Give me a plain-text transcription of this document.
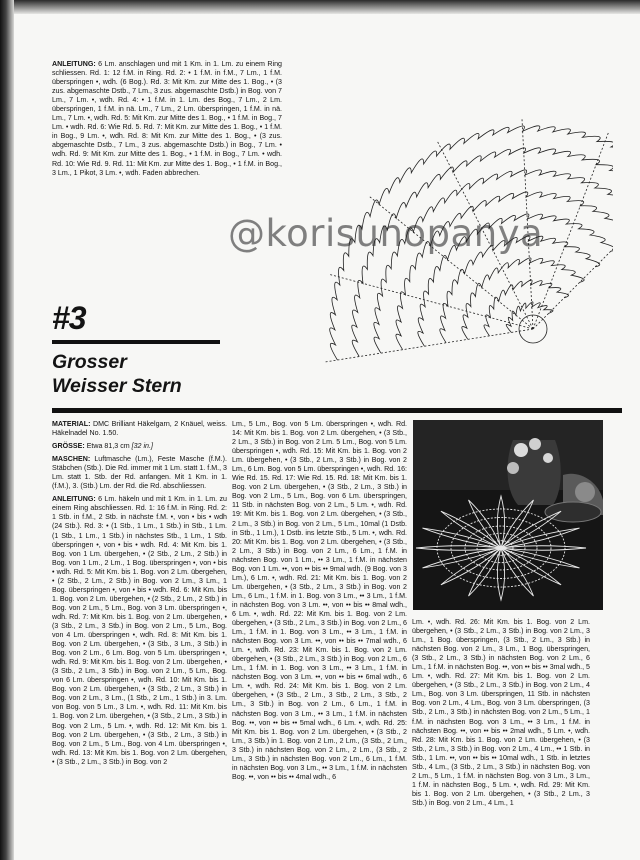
ANLEITUNG: 6 Lm. anschlagen und mit 1 Km. in 1. Lm. zu einem Ring schliessen. Rd. 1: 12 f.M. in Ring. Rd. 2: • 1 f.M. in f.M., 7 Lm., 1 f.M. überspringen •, wdh. (6 Bog.). Rd. 3: Mit Km. zur Mitte des 1. Bog., • (3 zus. abgemaschte Dstb., 7 Lm., 3 zus. abgemaschte Dstb.) in Bog. von 7 Lm., 7 Lm. •, wdh. Rd. 4: • 1 f.M. in 1. Lm. des Bog., 7 Lm., 2 Lm. überspringen, 1 f.M. in nä. Lm., 7 Lm., 2 Lm. überspringen, 1 f.M. in nä. Lm., 7 Lm. •, wdh. Rd. 5: Mit Km. zur Mitte des 1. Bog., • 1 f.M. in Bog., 7 Lm. • wdh. Rd. 6: Wie Rd. 5. Rd. 7: Mit Km. zur Mitte des 1. Bog., • 1 f.M. in Bog., 9 Lm. •, wdh. Rd. 8: Mit Km. zur Mitte des 1. Bog., • (3 zus. abgemaschte Dstb., 7 Lm., 3 zus. abgemaschte Dstb.) in Bog., 7 Lm. • wdh. Rd. 9: Mit Km. zur Mitte des 1. Bog., • 1 f.M. in Bog., 7 Lm. • wdh. Rd. 10: Wie Rd. 9. Rd. 11: Mit Km. zur Mitte des 1. Bog., • 1 f.M. in Bog., 3 Lm., 1 Pikot, 3 Lm. •, wdh. Faden abbrechen.
@korisunopanya
#3
Grosser
Weisser Stern

MATERIAL: DMC Brilliant Häkelgarn, 2 Knäuel, weiss. Häkelnadel No. 1.50.

GRÖSSE: Etwa 81,3 cm [32 in.]

MASCHEN: Luftmasche (Lm.), Feste Masche (f.M.). Stäbchen (Stb.). Die Rd. immer mit 1 Lm. statt 1. f.M., 3 Lm. statt 1. Stb. der Rd. anfangen. Mit 1 Km. in 1. (f.M.), 3. (Stb.) Lm. der Rd. die Rd. abschliessen.

ANLEITUNG: 6 Lm. häkeln und mit 1 Km. in 1. Lm. zu einem Ring abschliessen. Rd. 1: 16 f.M. in Ring. Rd. 2: 1 Stb. in f.M., 2 Stb. in nächste f.M. •, von • bis • wdh (24 Stb.). Rd. 3: • (1 Stb., 1 Lm., 1 Stb.) in Stb., 1 Lm. (1 Stb., 1 Lm., 1 Stb.) in nächstes Stb., 1 Lm., 1 Stb. überspringen •, von • bis • wdh. Rd. 4: Mit Km. bis 1. Bog. von 1 Lm. übergehen, • (2 Stb., 2 Lm., 2 Stb.) in Bog. von 1 Lm., 2 Lm., 1 Bog. überspringen •, von • bis • wdh. Rd. 5: Mit Km. bis 1. Bog. von 2 Lm. übergehen, • (2 Stb., 2 Lm., 2 Stb.) in Bog. von 2 Lm., 3 Lm., 1 Bog. überspringen •, von • bis • wdh. Rd. 6: Mit Km. bis 1. Bog. von 2 Lm. übergehen, • (2 Stb., 2 Lm., 2 Stb.) in Bog. von 2 Lm., 5 Lm., Bog. von 3 Lm. überspringen •, wdh. Rd. 7: Mit Km. bis 1. Bog. von 2 Lm. übergehen, • (3 Stb., 2 Lm., 3 Stb.) in Bog. von 2 Lm., 5 Lm., Bog. von 4 Lm. überspringen •, wdh. Rd. 8: Mit Km. bis 1. Bog. von 2 Lm. übergehen, • (3 Stb., 3 Lm., 3 Stb.) in Bog. von 2 Lm., 6 Lm. Bog. von 5 Lm. überspringen •, wdh. Rd. 9: Mit Km. bis 1. Bog. von 2 Lm. übergehen, • (3 Stb., 2 Lm., 3 Stb.) in Bog. von 2 Lm., 5 Lm., Bog. von 6 Lm. überspringen •, wdh. Rd. 10: Mit Km. bis 1. Bog. von 2 Lm. übergehen, • (3 Stb., 2 Lm., 3 Stb.) in Bog. von 2 Lm., 3 Lm., (1 Stb., 2 Lm., 1 Stb.) in 3. Lm. von Bog. von 5 Lm., 3 Lm. •, wdh. Rd. 11: Mit Km. bis 1. Bog. von 2 Lm. übergehen, • (3 Stb., 2 Lm., 3 Stb.) in Bog. von 2 Lm., 5 Lm. •, wdh. Rd. 12: Mit Km. bis 1. Bog. von 2 Lm. übergehen, • (3 Stb., 2 Lm., 3 Stb.) in Bog. von 2 Lm., 5 Lm., Bog. von 4 Lm. überspringen •, wdh. Rd. 13: Mit Km. bis 1. Bog. von 2 Lm. übergehen, • (3 Stb., 2 Lm., 3 Stb.) in Bog. von 2

Lm., 5 Lm., Bog. von 5 Lm. überspringen •, wdh. Rd. 14: Mit Km. bis 1. Bog. von 2 Lm. übergehen, • (3 Stb., 2 Lm., 3 Stb.) in Bog. von 2 Lm. 5 Lm., Bog. von 5 Lm. überspringen •, wdh. Rd. 15: Mit Km. bis 1. Bog. von 2 Lm. übergehen, • (3 Stb., 2 Lm., 3 Stb.) in Bog. von 2 Lm., 6 Lm. Bog. von 5 Lm. überspringen •, wdh. Rd. 16: Wie Rd. 15. Rd. 17: Wie Rd. 15. Rd. 18: Mit Km. bis 1. Bog. von 2 Lm. übergehen, • (3 Stb., 2 Lm., 3 Stb.) in Bog. von 2 Lm., 5 Lm., Bog. von 6 Lm. überspringen, 11 Stb. in nächsten Bog. von 2 Lm., 5 Lm. •, wdh. Rd. 19: Mit Km. bis 1. Bog. von 2 Lm. übergehen, • (3 Stb., 2 Lm., 3 Stb.) in Bog. von 2 Lm., 5 Lm., 10mal (1 Dstb. in Stb., 1 Lm.), 1 Dstb. ins letzte Stb., 5 Lm. •, wdh. Rd. 20: Mit Km. bis 1. Bog. von 2 Lm. übergehen, • (3 Stb., 2 Lm., 3 Stb.) in Bog. von 2 Lm., 6 Lm., 1 f.M. in nächsten Bog. von 1 Lm., •• 3 Lm., 1 f.M. in nächsten Bog. von 1 Lm. ••, von •• bis •• 9mal wdh. (9 Bog. von 3 Lm.), 6 Lm. •, wdh. Rd. 21: Mit Km. bis 1. Bog. von 2 Lm. übergehen, • (3 Stb., 2 Lm., 3 Stb.) in Bog. von 2 Lm., 6 Lm., 1 f.M. in 1. Bog. von 3 Lm., •• 3 Lm., 1 f.M. in nächsten Bog. von 3 Lm. ••, von •• bis •• 8mal wdh., 6 Lm. •, wdh. Rd. 22: Mit Km. bis 1. Bog. von 2 Lm. übergehen, • (3 Stb., 2 Lm., 3 Stb.) in Bog. von 2 Lm., 6 Lm., 1 f.M. in 1. Bog. von 3 Lm., •• 3 Lm., 1 f.M. in nächsten Bog. von 3 Lm. ••, von •• bis •• 7mal wdh., 6 Lm. •, wdh. Rd. 23: Mit Km. bis 1. Bog. von 2 Lm. übergehen, • (3 Stb., 2 Lm., 3 Stb.) in Bog. von 2 Lm., 6 Lm., 1 f.M. in 1. Bog. von 3 Lm., •• 3 Lm., 1 f.M. in nächsten Bog. von 3 Lm. ••, von •• bis •• 6mal wdh., 6 Lm. •, wdh. Rd. 24: Mit Km. bis 1. Bog. von 2 Lm. übergehen, • (3 Stb., 2 Lm., 3 Stb., 2 Lm., 3 Stb., 2 Lm., 3 Stb.) in Bog. von 2 Lm., 6 Lm., 1 f.M. in nächsten Bog. von 3 Lm., •• 3 Lm., 1 f.M. in nächsten Bog. ••, von •• bis •• 5mal wdh., 6 Lm. •, wdh. Rd. 25: Mit Km. bis 1. Bog. von 2 Lm. übergehen, • (3 Stb., 2 Lm., 3 Stb.) in 1. Bog. von 2 Lm., 2 Lm., (3 Stb., 2 Lm., 3 Stb.) in nächsten Bog. von 2 Lm., 2 Lm., (3 Stb., 2 Lm., 3 Stb.) in nächsten Bog. von 2 Lm., 6 Lm., 1 f.M. in nächsten Bog. von 3 Lm., •• 3 Lm., 1 f.M. in nächsten Bog. ••, von •• bis •• 4mal wdh., 6
Lm. •, wdh. Rd. 26: Mit Km. bis 1. Bog. von 2 Lm. übergehen, • (3 Stb., 2 Lm., 3 Stb.) in Bog. von 2 Lm., 3 Lm., 1 Bog. überspringen, (3 Stb., 2 Lm., 3 Stb.) in nächsten Bog. von 2 Lm., 3 Lm., 1 Bog. überspringen, (3 Stb., 2 Lm., 3 Stb.) in nächsten Bog. von 2 Lm., 6 Lm., 1 f.M. in nächsten Bog. ••, von •• bis •• 3mal wdh., 5 Lm. •, wdh. Rd. 27: Mit Km. bis 1. Bog. von 2 Lm. übergehen, • (3 Stb., 2 Lm., 3 Stb.) in Bog. von 2 Lm., 4 Lm., Bog. von 3 Lm. überspringen, 11 Stb. in nächsten Bog. von 2 Lm., 4 Lm., Bog. von 3 Lm. überspringen, (3 Stb., 2 Lm., 3 Stb.) in nächsten Bog. von 2 Lm., 5 Lm., 1 f.M. in nächsten Bog. von 3 Lm., •• 3 Lm., 1 f.M. in nächsten Bog. ••, von •• bis •• 2mal wdh., 5 Lm. •, wdh. Rd. 28: Mit Km. bis 1. Bog. von 2 Lm. übergehen, • (3 Stb., 2 Lm., 3 Stb.) in Bog. von 2 Lm., 4 Lm., •• 1 Stb. in Stb., 1 Lm. ••, von •• bis •• 10mal wdh., 1 Stb. in letztes Stb., 4 Lm., (3 Stb., 2 Lm., 3 Stb.) in nächsten Bog. von 2 Lm., 5 Lm., 1 f.M. in nächsten Bog. von 3 Lm., 3 Lm., 1 f.M. in nächsten Bog., 5 Lm. •, wdh. Rd. 29: Mit Km. bis 1. Bog. von 2 Lm. übergehen, • (3 Stb., 2 Lm., 3 Stb.) in Bog. von 2 Lm., 4 Lm., 1
